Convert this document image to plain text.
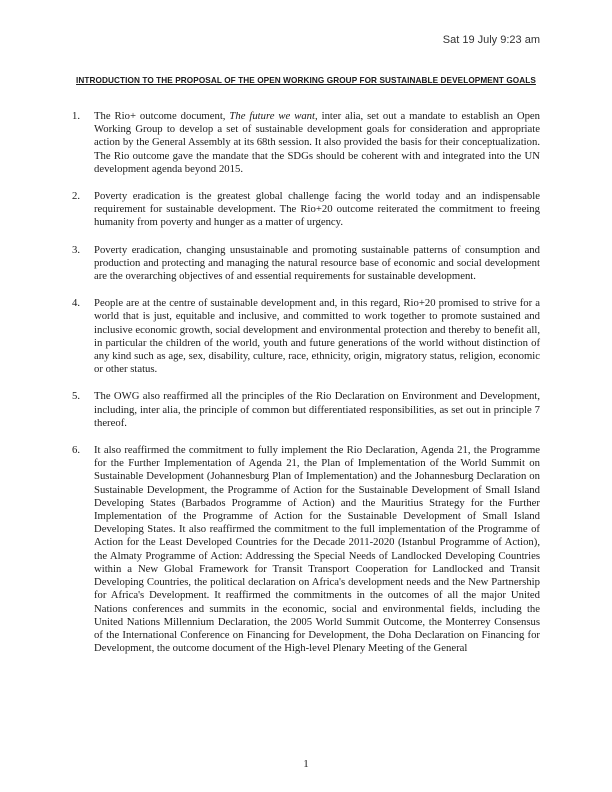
Sat 19 July 9:23 am
INTRODUCTION TO THE PROPOSAL OF THE OPEN WORKING GROUP FOR SUSTAINABLE DEVELOPMENT GOALS
1. The Rio+ outcome document, The future we want, inter alia, set out a mandate to establish an Open Working Group to develop a set of sustainable development goals for consideration and appropriate action by the General Assembly at its 68th session. It also provided the basis for their conceptualization. The Rio outcome gave the mandate that the SDGs should be coherent with and integrated into the UN development agenda beyond 2015.
2. Poverty eradication is the greatest global challenge facing the world today and an indispensable requirement for sustainable development. The Rio+20 outcome reiterated the commitment to freeing humanity from poverty and hunger as a matter of urgency.
3. Poverty eradication, changing unsustainable and promoting sustainable patterns of consumption and production and protecting and managing the natural resource base of economic and social development are the overarching objectives of and essential requirements for sustainable development.
4. People are at the centre of sustainable development and, in this regard, Rio+20 promised to strive for a world that is just, equitable and inclusive, and committed to work together to promote sustained and inclusive economic growth, social development and environmental protection and thereby to benefit all, in particular the children of the world, youth and future generations of the world without distinction of any kind such as age, sex, disability, culture, race, ethnicity, origin, migratory status, religion, economic or other status.
5. The OWG also reaffirmed all the principles of the Rio Declaration on Environment and Development, including, inter alia, the principle of common but differentiated responsibilities, as set out in principle 7 thereof.
6. It also reaffirmed the commitment to fully implement the Rio Declaration, Agenda 21, the Programme for the Further Implementation of Agenda 21, the Plan of Implementation of the World Summit on Sustainable Development (Johannesburg Plan of Implementation) and the Johannesburg Declaration on Sustainable Development, the Programme of Action for the Sustainable Development of Small Island Developing States (Barbados Programme of Action) and the Mauritius Strategy for the Further Implementation of the Programme of Action for the Sustainable Development of Small Island Developing States. It also reaffirmed the commitment to the full implementation of the Programme of Action for the Least Developed Countries for the Decade 2011-2020 (Istanbul Programme of Action), the Almaty Programme of Action: Addressing the Special Needs of Landlocked Developing Countries within a New Global Framework for Transit Transport Cooperation for Landlocked and Transit Developing Countries, the political declaration on Africa's development needs and the New Partnership for Africa's Development. It reaffirmed the commitments in the outcomes of all the major United Nations conferences and summits in the economic, social and environmental fields, including the United Nations Millennium Declaration, the 2005 World Summit Outcome, the Monterrey Consensus of the International Conference on Financing for Development, the Doha Declaration on Financing for Development, the outcome document of the High-level Plenary Meeting of the General
1
